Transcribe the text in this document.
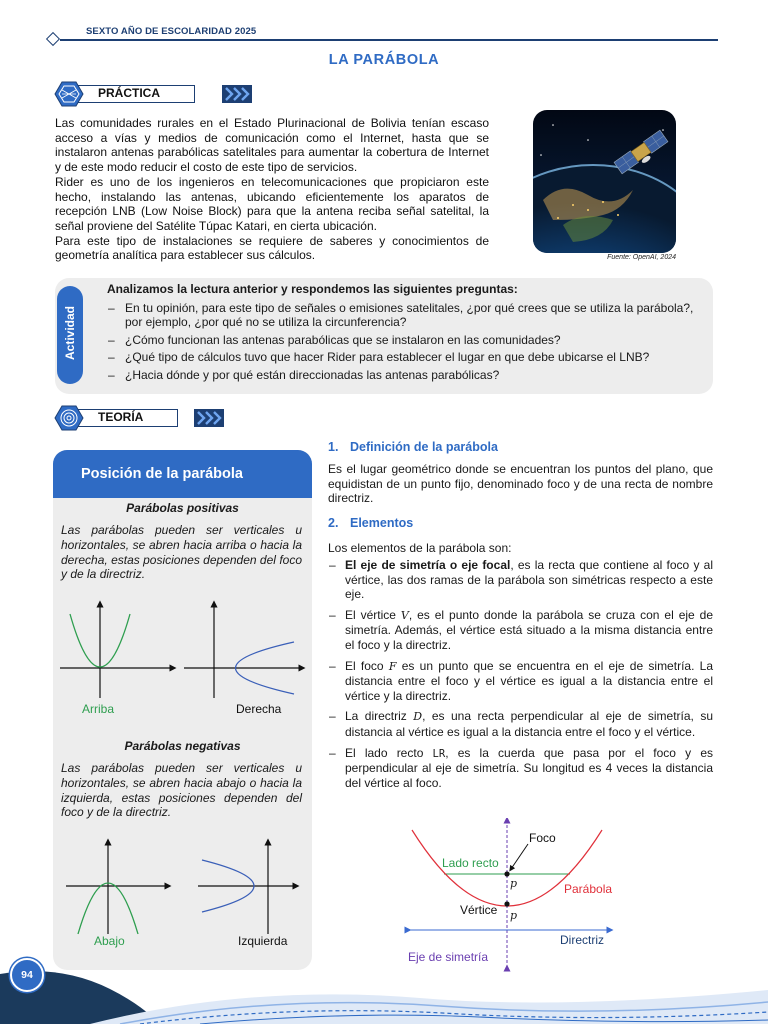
SEXTO AÑO DE ESCOLARIDAD 2025
LA PARÁBOLA
PRÁCTICA

Las comunidades rurales en el Estado Plurinacional de Bolivia tenían escaso acceso a vías y medios de comunicación como el Internet, hasta que se instalaron antenas parabólicas satelitales para aumentar la cobertura de Internet y de este modo reducir el costo de este tipo de servicios.

Rider es uno de los ingenieros en telecomunicaciones que propiciaron este hecho, instalando las antenas, ubicando eficientemente los aparatos de recepción LNB (Low Noise Block) para que la antena reciba señal satelital, la señal proviene del Satélite Túpac Katari, en cierta ubicación.

Para este tipo de instalaciones se requiere de saberes y conocimientos de geometría analítica para establecer sus cálculos.	Fuente: OpenAI, 2024
Actividad
Analizamos la lectura anterior y respondemos las siguientes preguntas:
– En tu opinión, para este tipo de señales o emisiones satelitales, ¿por qué crees que se utiliza la parábola?, por ejemplo, ¿por qué no se utiliza la circunferencia?
– ¿Cómo funcionan las antenas parabólicas que se instalaron en las comunidades?
– ¿Qué tipo de cálculos tuvo que hacer Rider para establecer el lugar en que debe ubicarse el LNB?
– ¿Hacia dónde y por qué están direccionadas las antenas parabólicas?
TEORÍA
Posición de la parábola
Parábolas positivas
Las parábolas pueden ser verticales u horizontales, se abren hacia arriba o hacia la derecha, estas posiciones dependen del foco y de la directriz.
Arriba	Derecha
Parábolas negativas
Las parábolas pueden ser verticales u horizontales, se abren hacia abajo o hacia la izquierda, estas posiciones dependen del foco y de la directriz.
Abajo	Izquierda
1. Definición de la parábola
Es el lugar geométrico donde se encuentran los puntos del plano, que equidistan de un punto fijo, denominado foco y de una recta de nombre directriz.
2. Elementos
Los elementos de la parábola son:
– El eje de simetría o eje focal, es la recta que contiene al foco y al vértice, las dos ramas de la parábola son simétricas respecto a este eje.
– El vértice V, es el punto donde la parábola se cruza con el eje de simetría. Además, el vértice está situado a la misma distancia entre el foco y la directriz.
– El foco F es un punto que se encuentra en el eje de simetría. La distancia entre el foco y el vértice es igual a la distancia entre el vértice y la directriz.
– La directriz D, es una recta perpendicular al eje de simetría, su distancia al vértice es igual a la distancia entre el foco y el vértice.
– El lado recto LR, es la cuerda que pasa por el foco y es perpendicular al eje de simetría. Su longitud es 4 veces la distancia del vértice al foco.
Foco
Lado recto
p	Parábola
Vértice p
Directriz
Eje de simetría
94
